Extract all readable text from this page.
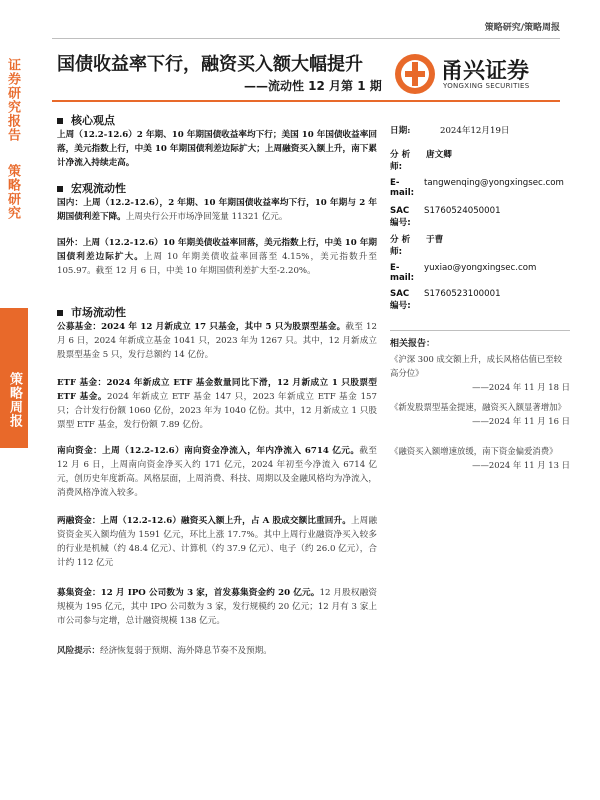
策略研究/策略周报
证券研究报告
策略研究
策略周报
国债收益率下行，融资买入额大幅提升
——流动性 12 月第 1 期
甬兴证券
YONGXING SECURITIES
核心观点
上周（12.2-12.6）2 年期、10 年期国债收益率均下行；美国 10 年国债收益率回落，美元指数上行，中美 10 年期国债利差边际扩大；上周融资买入额上升，南下累计净流入持续走高。
宏观流动性
国内：上周（12.2-12.6），2 年期、10 年期国债收益率均下行，10 年期与 2 年期国债利差下降。上周央行公开市场净回笼量 11321 亿元。
国外：上周（12.2-12.6）10 年期美债收益率回落，美元指数上行，中美 10 年期国债利差边际扩大。上周 10 年期美债收益率回落至 4.15%，美元指数升至 105.97。截至 12 月 6 日，中美 10 年期国债利差扩大至-2.20%。
市场流动性
公募基金：2024 年 12 月新成立 17 只基金，其中 5 只为股票型基金。截至 12 月 6 日，2024 年新成立基金 1041 只，2023 年为 1267 只。其中，12 月新成立股票型基金 5 只，发行总额约 14 亿份。
ETF 基金：2024 年新成立 ETF 基金数量同比下滑，12 月新成立 1 只股票型 ETF 基金。2024 年新成立 ETF 基金 147 只，2023 年新成立 ETF 基金 157 只；合计发行份额 1060 亿份，2023 年为 1040 亿份。其中，12 月新成立 1 只股票型 ETF 基金，发行份额 7.89 亿份。
南向资金：上周（12.2-12.6）南向资金净流入，年内净流入 6714 亿元。截至 12 月 6 日，上周南向资金净买入约 171 亿元，2024 年初至今净流入 6714 亿元，创历史年度新高。风格层面，上周消费、科技、周期以及金融风格均为净流入，消费风格净流入较多。
两融资金：上周（12.2-12.6）融资买入额上升，占 A 股成交额比重回升。上周融资资金买入额均值为 1591 亿元，环比上涨 17.7%。其中上周行业融资净买入较多的行业是机械（约 48.4 亿元）、计算机（约 37.9 亿元）、电子（约 26.0 亿元），合计约 112 亿元
募集资金：12 月 IPO 公司数为 3 家，首发募集资金约 20 亿元。12 月股权融资规模为 195 亿元，其中 IPO 公司数为 3 家，发行规模约 20 亿元；12 月有 3 家上市公司参与定增，总计融资规模 138 亿元。
风险提示：经济恢复弱于预期、海外降息节奏不及预期。
日期:	2024年12月19日
分 析 师:
唐文卿
E-mail:
tangwenqing@yongxingsec.com
SAC 编号:
S1760524050001
分 析 师:
于曹
E-mail:
yuxiao@yongxingsec.com
SAC 编号:
S1760523100001
相关报告：
《沪深 300 成交额上升，成长风格估值已至较高分位》
——2024 年 11 月 18 日
《新发股票型基金提速，融资买入额显著增加》
——2024 年 11 月 16 日
《融资买入额增速放缓，南下资金偏爱消费》
——2024 年 11 月 13 日
